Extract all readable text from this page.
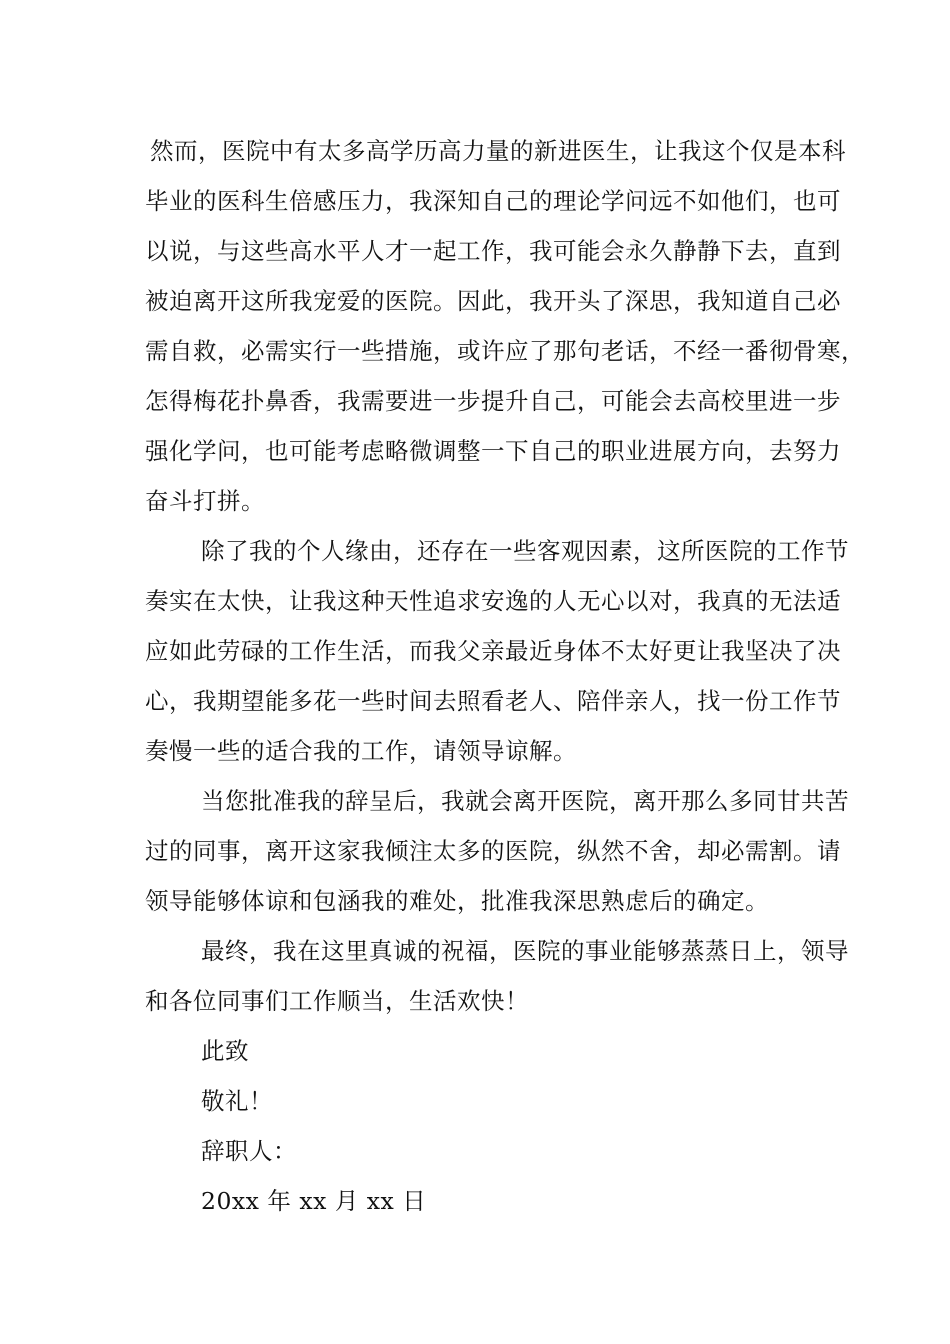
然而，医院中有太多高学历高力量的新进医生，让我这个仅是本科
毕业的医科生倍感压力，我深知自己的理论学问远不如他们，也可
以说，与这些高水平人才一起工作，我可能会永久静静下去，直到
被迫离开这所我宠爱的医院。因此，我开头了深思，我知道自己必
需自救，必需实行一些措施，或许应了那句老话，不经一番彻骨寒，
怎得梅花扑鼻香，我需要进一步提升自己，可能会去高校里进一步
强化学问，也可能考虑略微调整一下自己的职业进展方向，去努力
奋斗打拼。
除了我的个人缘由，还存在一些客观因素，这所医院的工作节
奏实在太快，让我这种天性追求安逸的人无心以对，我真的无法适
应如此劳碌的工作生活，而我父亲最近身体不太好更让我坚决了决
心，我期望能多花一些时间去照看老人、陪伴亲人，找一份工作节
奏慢一些的适合我的工作，请领导谅解。
当您批准我的辞呈后，我就会离开医院，离开那么多同甘共苦
过的同事，离开这家我倾注太多的医院，纵然不舍，却必需割。请
领导能够体谅和包涵我的难处，批准我深思熟虑后的确定。
最终，我在这里真诚的祝福，医院的事业能够蒸蒸日上，领导
和各位同事们工作顺当，生活欢快！
此致
敬礼！
辞职人：
20xx 年 xx 月 xx 日
